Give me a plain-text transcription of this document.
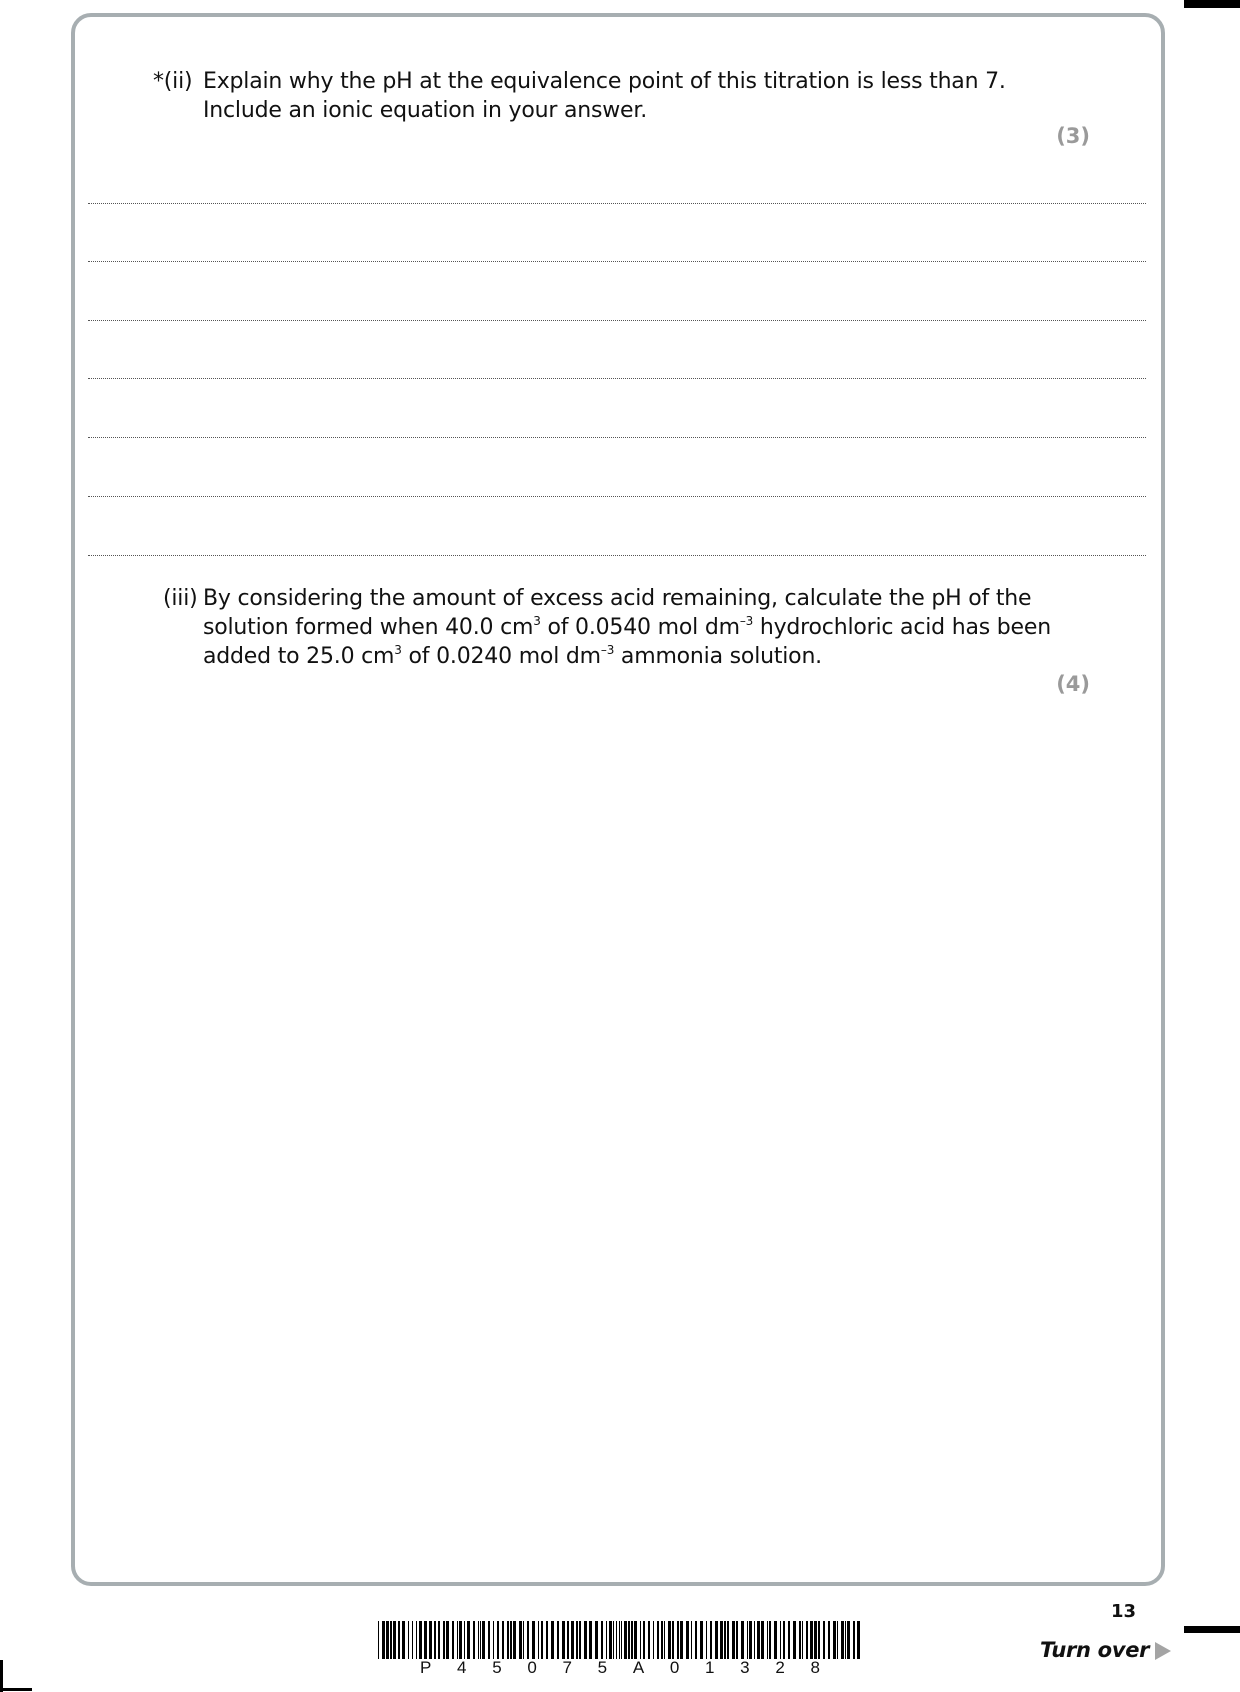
*(ii) Explain why the pH at the equivalence point of this titration is less than 7.
Include an ionic equation in your answer.
(3)
(iii) By considering the amount of excess acid remaining, calculate the pH of the
solution formed when 40.0 $cm^3$ of 0.0540 mol $dm^{-3}$ hydrochloric acid has been
added to 25.0 $cm^3$ of 0.0240 mol $dm^{-3}$ ammonia solution.
(4)
P 4 5 0 7 5 A 0 1 3 2 8
13
Turn over
